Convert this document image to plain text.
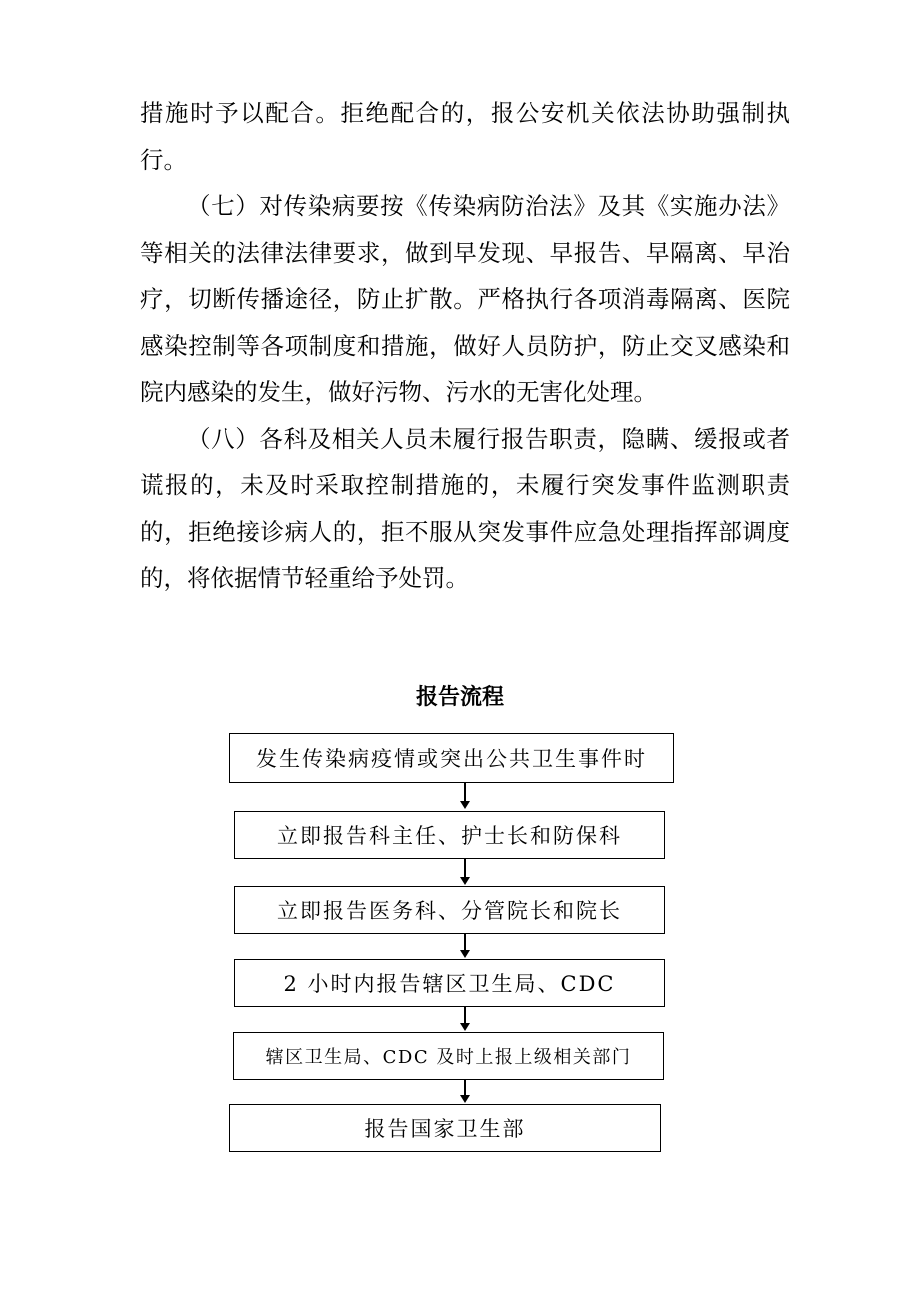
措施时予以配合。拒绝配合的，报公安机关依法协助强制执行。

（七）对传染病要按《传染病防治法》及其《实施办法》等相关的法律法律要求，做到早发现、早报告、早隔离、早治疗，切断传播途径，防止扩散。严格执行各项消毒隔离、医院感染控制等各项制度和措施，做好人员防护，防止交叉感染和院内感染的发生，做好污物、污水的无害化处理。

（八）各科及相关人员未履行报告职责，隐瞒、缓报或者谎报的，未及时采取控制措施的，未履行突发事件监测职责的，拒绝接诊病人的，拒不服从突发事件应急处理指挥部调度的，将依据情节轻重给予处罚。

报告流程
发生传染病疫情或突出公共卫生事件时
立即报告科主任、护士长和防保科
立即报告医务科、分管院长和院长
2 小时内报告辖区卫生局、CDC
辖区卫生局、CDC 及时上报上级相关部门
报告国家卫生部
